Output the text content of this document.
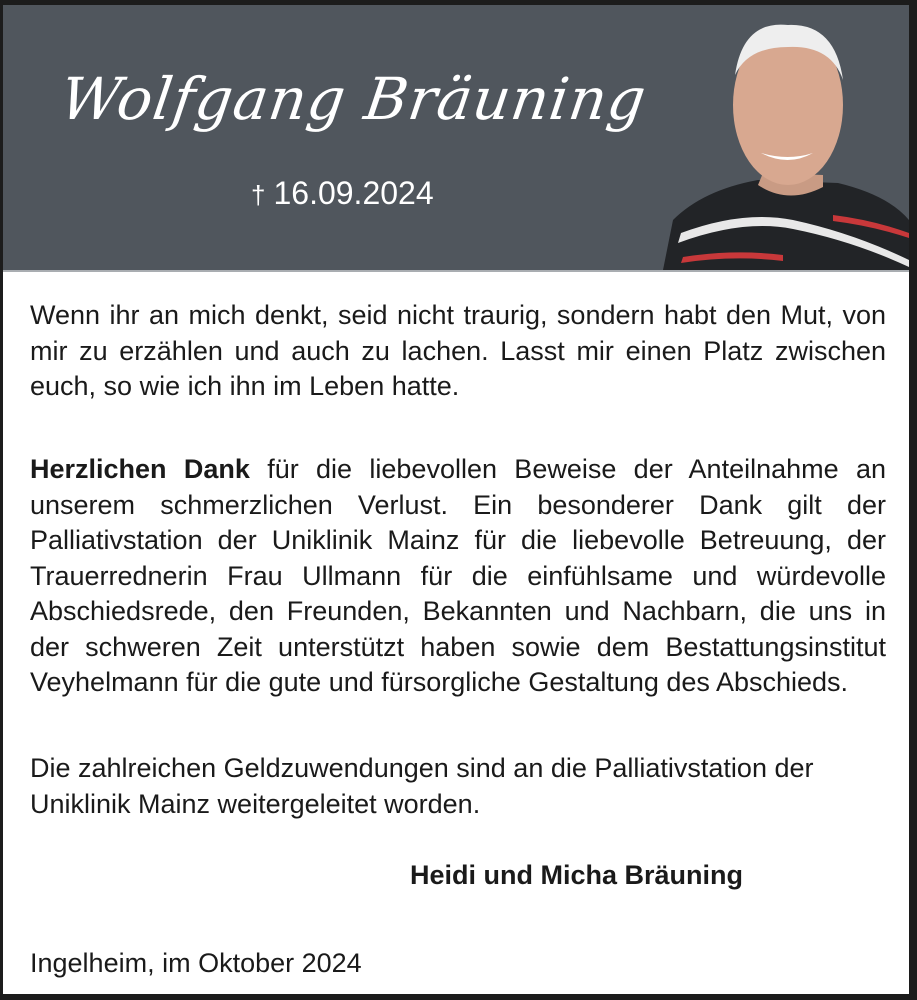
Wolfgang Bräuning
† 16.09.2024
Wenn ihr an mich denkt, seid nicht traurig, sondern habt den Mut, von mir zu erzählen und auch zu lachen. Lasst mir einen Platz zwischen euch, so wie ich ihn im Leben hatte.
Herzlichen Dank für die liebevollen Beweise der Anteilnahme an unserem schmerzlichen Verlust. Ein besonderer Dank gilt der Palliativstation der Uniklinik Mainz für die liebevolle Betreuung, der Trauerrednerin Frau Ullmann für die einfühlsame und würdevolle Abschiedsrede, den Freunden, Bekannten und Nachbarn, die uns in der schweren Zeit unterstützt haben sowie dem Bestattungsinstitut Veyhelmann für die gute und fürsorgliche Gestaltung des Abschieds.
Die zahlreichen Geldzuwendungen sind an die Palliativstation der Uniklinik Mainz weitergeleitet worden.
Heidi und Micha Bräuning
Ingelheim, im Oktober 2024
